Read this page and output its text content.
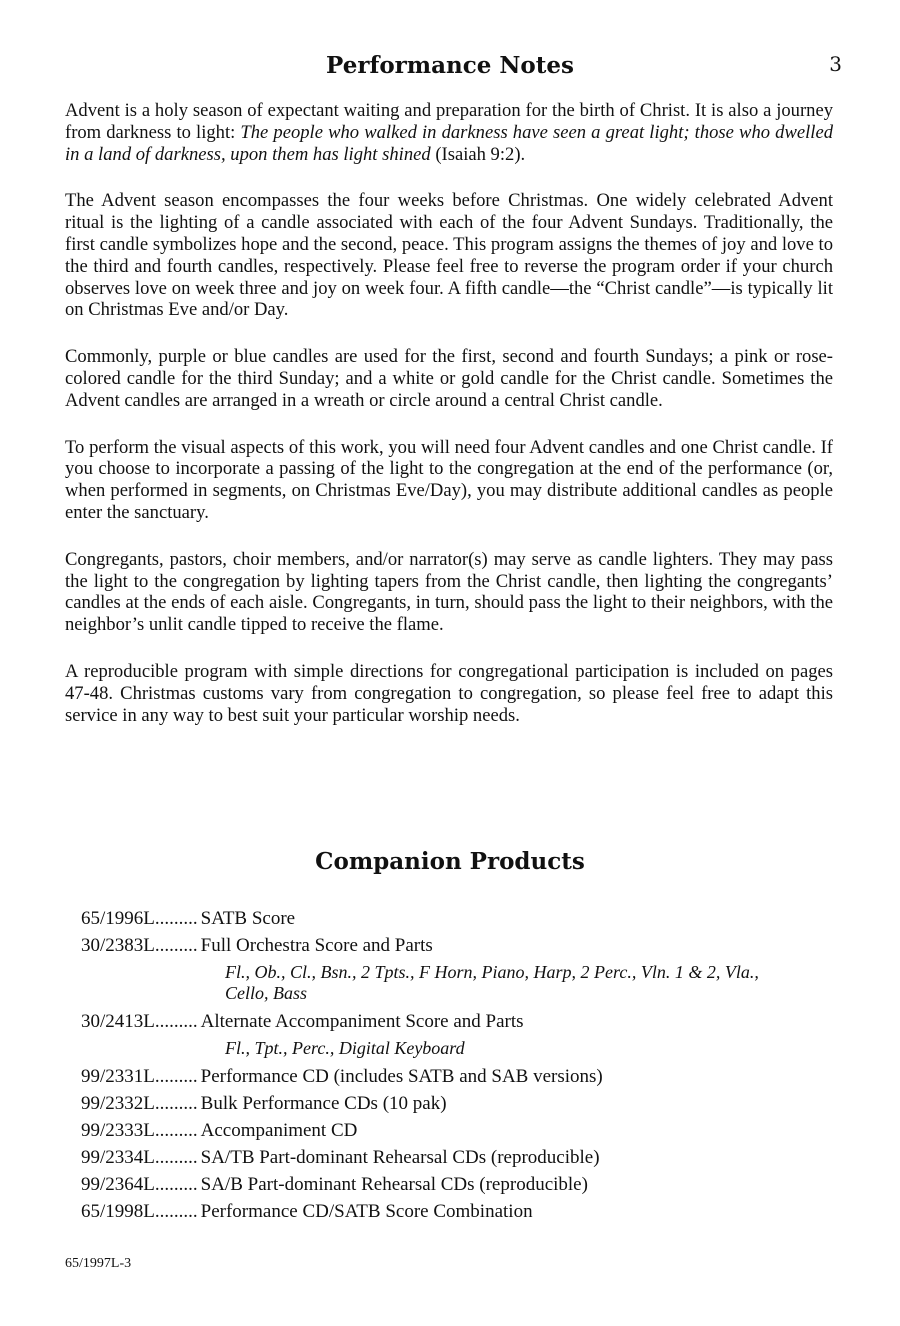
3
Performance Notes

Advent is a holy season of expectant waiting and preparation for the birth of Christ. It is also a journey from darkness to light: The people who walked in darkness have seen a great light; those who dwelled in a land of darkness, upon them has light shined (Isaiah 9:2).

The Advent season encompasses the four weeks before Christmas. One widely celebrated Advent ritual is the lighting of a candle associated with each of the four Advent Sundays. Traditionally, the first candle symbolizes hope and the second, peace. This program assigns the themes of joy and love to the third and fourth candles, respectively. Please feel free to reverse the program order if your church observes love on week three and joy on week four. A fifth candle—the “Christ candle”—is typically lit on Christmas Eve and/or Day.

Commonly, purple or blue candles are used for the first, second and fourth Sundays; a pink or rose-colored candle for the third Sunday; and a white or gold candle for the Christ candle. Sometimes the Advent candles are arranged in a wreath or circle around a central Christ candle.

To perform the visual aspects of this work, you will need four Advent candles and one Christ candle. If you choose to incorporate a passing of the light to the congregation at the end of the performance (or, when performed in segments, on Christmas Eve/Day), you may distribute additional candles as people enter the sanctuary.

Congregants, pastors, choir members, and/or narrator(s) may serve as candle lighters. They may pass the light to the congregation by lighting tapers from the Christ candle, then lighting the congregants’ candles at the ends of each aisle. Congregants, in turn, should pass the light to their neighbors, with the neighbor’s unlit candle tipped to receive the flame.

A reproducible program with simple directions for congregational participation is included on pages 47-48. Christmas customs vary from congregation to congregation, so please feel free to adapt this service in any way to best suit your particular worship needs.

Companion Products
65/1996L ......... SATB Score
30/2383L ......... Full Orchestra Score and Parts
Fl., Ob., Cl., Bsn., 2 Tpts., F Horn, Piano, Harp, 2 Perc., Vln. 1 & 2, Vla., Cello, Bass
30/2413L ......... Alternate Accompaniment Score and Parts
Fl., Tpt., Perc., Digital Keyboard
99/2331L ......... Performance CD (includes SATB and SAB versions)
99/2332L ......... Bulk Performance CDs (10 pak)
99/2333L ......... Accompaniment CD
99/2334L ......... SA/TB Part-dominant Rehearsal CDs (reproducible)
99/2364L ......... SA/B Part-dominant Rehearsal CDs (reproducible)
65/1998L ......... Performance CD/SATB Score Combination
65/1997L-3
